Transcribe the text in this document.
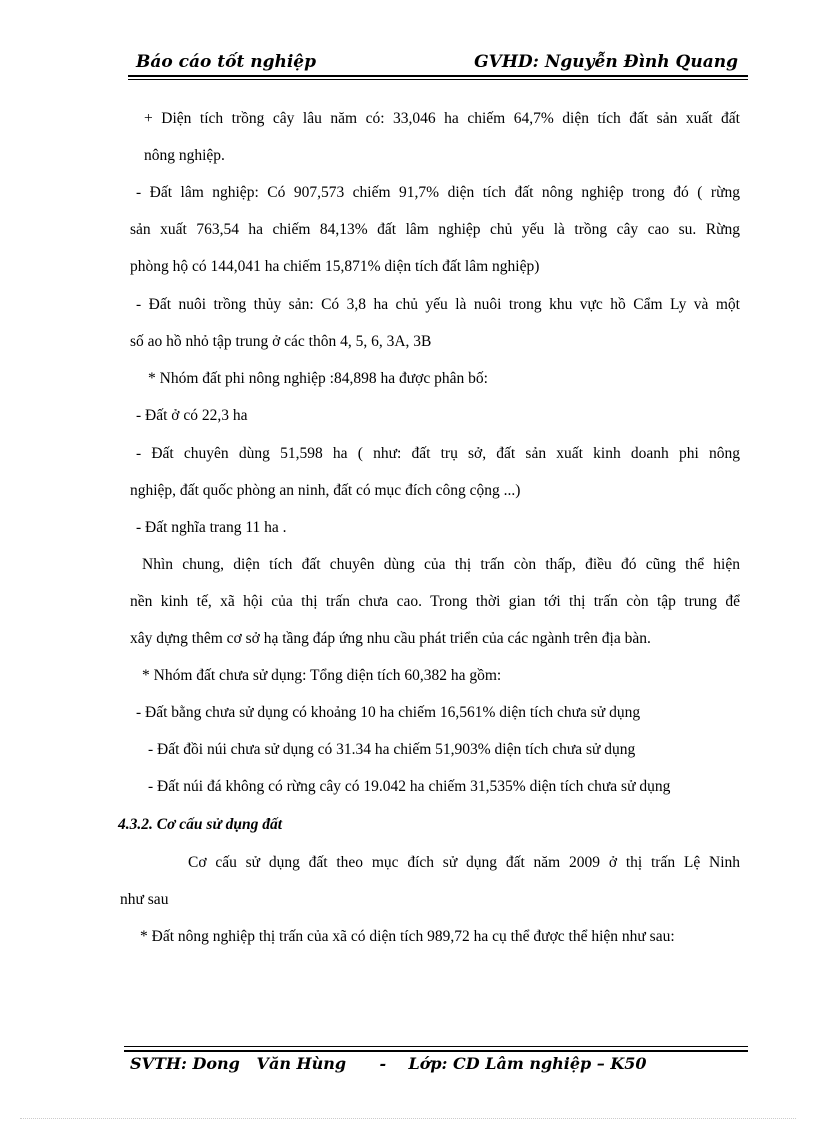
Báo cáo tốt nghiệp	GVHD: Nguyễn Đình Quang

+ Diện tích trồng cây lâu năm có: 33,046 ha chiếm 64,7% diện tích đất sản xuất đất

nông nghiệp.

- Đất lâm nghiệp: Có 907,573 chiếm 91,7% diện tích đất nông nghiệp trong đó ( rừng

sản xuất 763,54 ha chiếm 84,13% đất lâm nghiệp chủ yếu là trồng cây cao su. Rừng

phòng hộ có 144,041 ha chiếm 15,871% diện tích đất lâm nghiệp)

- Đất nuôi trồng thủy sản: Có 3,8 ha chủ yếu là nuôi trong khu vực hồ Cẩm Ly và một

số ao hồ nhỏ tập trung ở các thôn 4, 5, 6, 3A, 3B

* Nhóm đất phi nông nghiệp :84,898 ha được phân bố:

- Đất ở có 22,3 ha

- Đất chuyên dùng 51,598 ha ( như: đất trụ sở, đất sản xuất kinh doanh phi nông

nghiệp, đất quốc phòng an ninh, đất có mục đích công cộng ...)

- Đất nghĩa trang 11 ha .

Nhìn chung, diện tích đất chuyên dùng của thị trấn còn thấp, điều đó cũng thể hiện

nền kinh tế, xã hội của thị trấn chưa cao. Trong thời gian tới thị trấn còn tập trung để

xây dựng thêm cơ sở hạ tầng đáp ứng nhu cầu phát triển của các ngành trên địa bàn.

* Nhóm đất chưa sử dụng: Tổng diện tích 60,382 ha gồm:

- Đất bằng chưa sử dụng có khoảng 10 ha chiếm 16,561% diện tích chưa sử dụng

- Đất đồi núi chưa sử dụng có 31.34 ha chiếm 51,903% diện tích chưa sử dụng

- Đất núi đá không có rừng cây có 19.042 ha chiếm 31,535% diện tích chưa sử dụng

4.3.2. Cơ cấu sử dụng đất

Cơ cấu sử dụng đất theo mục đích sử dụng đất năm 2009 ở thị trấn Lệ Ninh

như sau

* Đất nông nghiệp thị trấn của xã có diện tích 989,72 ha cụ thể được thể hiện như sau:

SVTH: Dong   Văn Hùng      -    Lớp: CD Lâm nghiệp – K50
